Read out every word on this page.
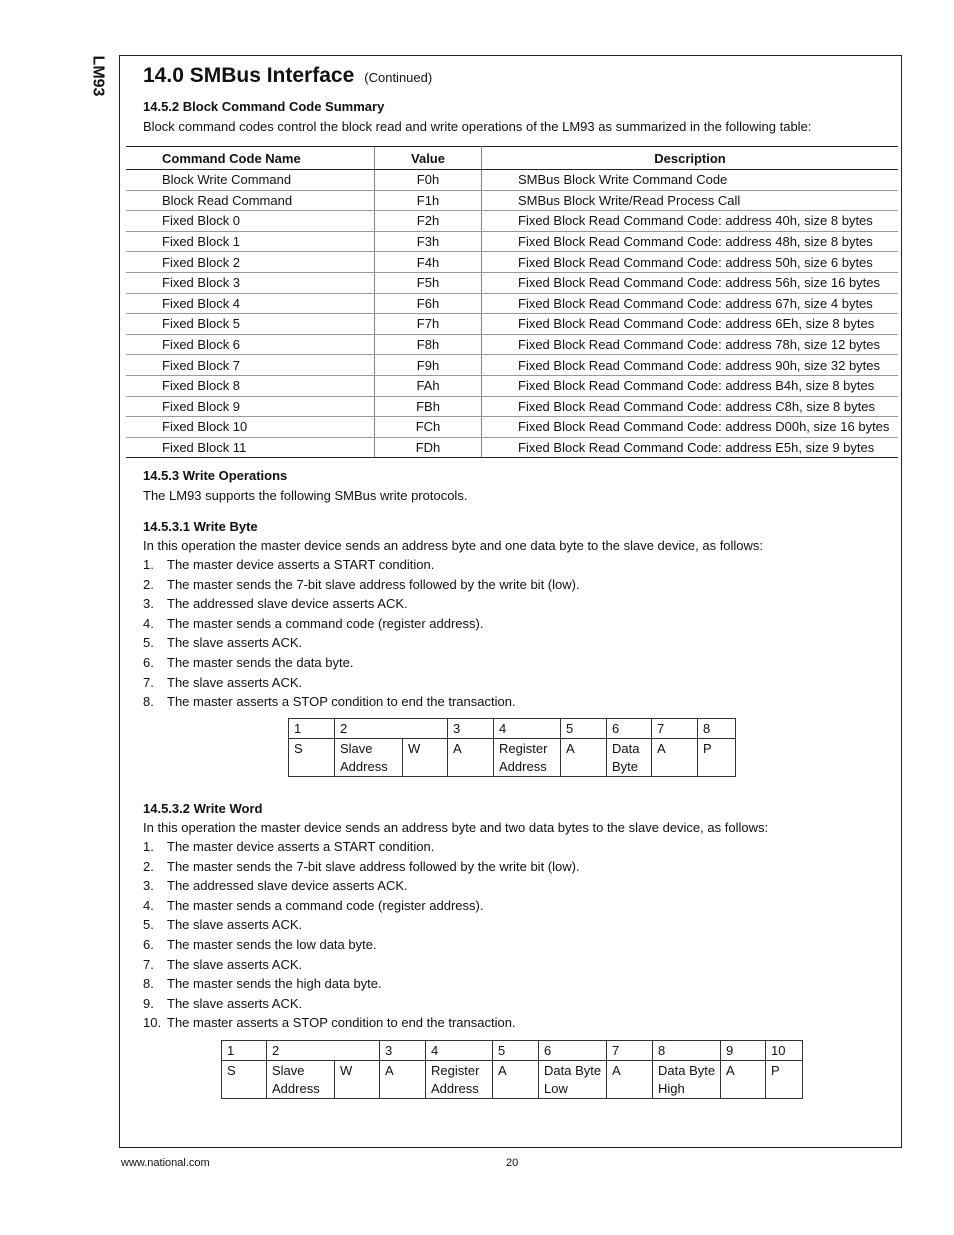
LM93 14.0 SMBus Interface (Continued)
14.5.2 Block Command Code Summary
Block command codes control the block read and write operations of the LM93 as summarized in the following table:
Command Code Name	Value	Description
Block Write Command	F0h	SMBus Block Write Command Code
Block Read Command	F1h	SMBus Block Write/Read Process Call
Fixed Block 0	F2h	Fixed Block Read Command Code: address 40h, size 8 bytes
Fixed Block 1	F3h	Fixed Block Read Command Code: address 48h, size 8 bytes
Fixed Block 2	F4h	Fixed Block Read Command Code: address 50h, size 6 bytes
Fixed Block 3	F5h	Fixed Block Read Command Code: address 56h, size 16 bytes
Fixed Block 4	F6h	Fixed Block Read Command Code: address 67h, size 4 bytes
Fixed Block 5	F7h	Fixed Block Read Command Code: address 6Eh, size 8 bytes
Fixed Block 6	F8h	Fixed Block Read Command Code: address 78h, size 12 bytes
Fixed Block 7	F9h	Fixed Block Read Command Code: address 90h, size 32 bytes
Fixed Block 8	FAh	Fixed Block Read Command Code: address B4h, size 8 bytes
Fixed Block 9	FBh	Fixed Block Read Command Code: address C8h, size 8 bytes
Fixed Block 10	FCh	Fixed Block Read Command Code: address D00h, size 16 bytes
Fixed Block 11	FDh	Fixed Block Read Command Code: address E5h, size 9 bytes
14.5.3 Write Operations
The LM93 supports the following SMBus write protocols.
14.5.3.1 Write Byte
In this operation the master device sends an address byte and one data byte to the slave device, as follows:
1. The master device asserts a START condition.
2. The master sends the 7-bit slave address followed by the write bit (low).
3. The addressed slave device asserts ACK.
4. The master sends a command code (register address).
5. The slave asserts ACK.
6. The master sends the data byte.
7. The slave asserts ACK.
8. The master asserts a STOP condition to end the transaction.
1	2		3	4	5	6	7	8
S	Slave Address	W	A	Register Address	A	Data Byte	A	P
14.5.3.2 Write Word
In this operation the master device sends an address byte and two data bytes to the slave device, as follows:
1. The master device asserts a START condition.
2. The master sends the 7-bit slave address followed by the write bit (low).
3. The addressed slave device asserts ACK.
4. The master sends a command code (register address).
5. The slave asserts ACK.
6. The master sends the low data byte.
7. The slave asserts ACK.
8. The master sends the high data byte.
9. The slave asserts ACK.
10. The master asserts a STOP condition to end the transaction.
1	2		3	4	5	6	7	8	9	10
S	Slave Address	W	A	Register Address	A	Data Byte Low	A	Data Byte High	A	P
www.national.com	20
